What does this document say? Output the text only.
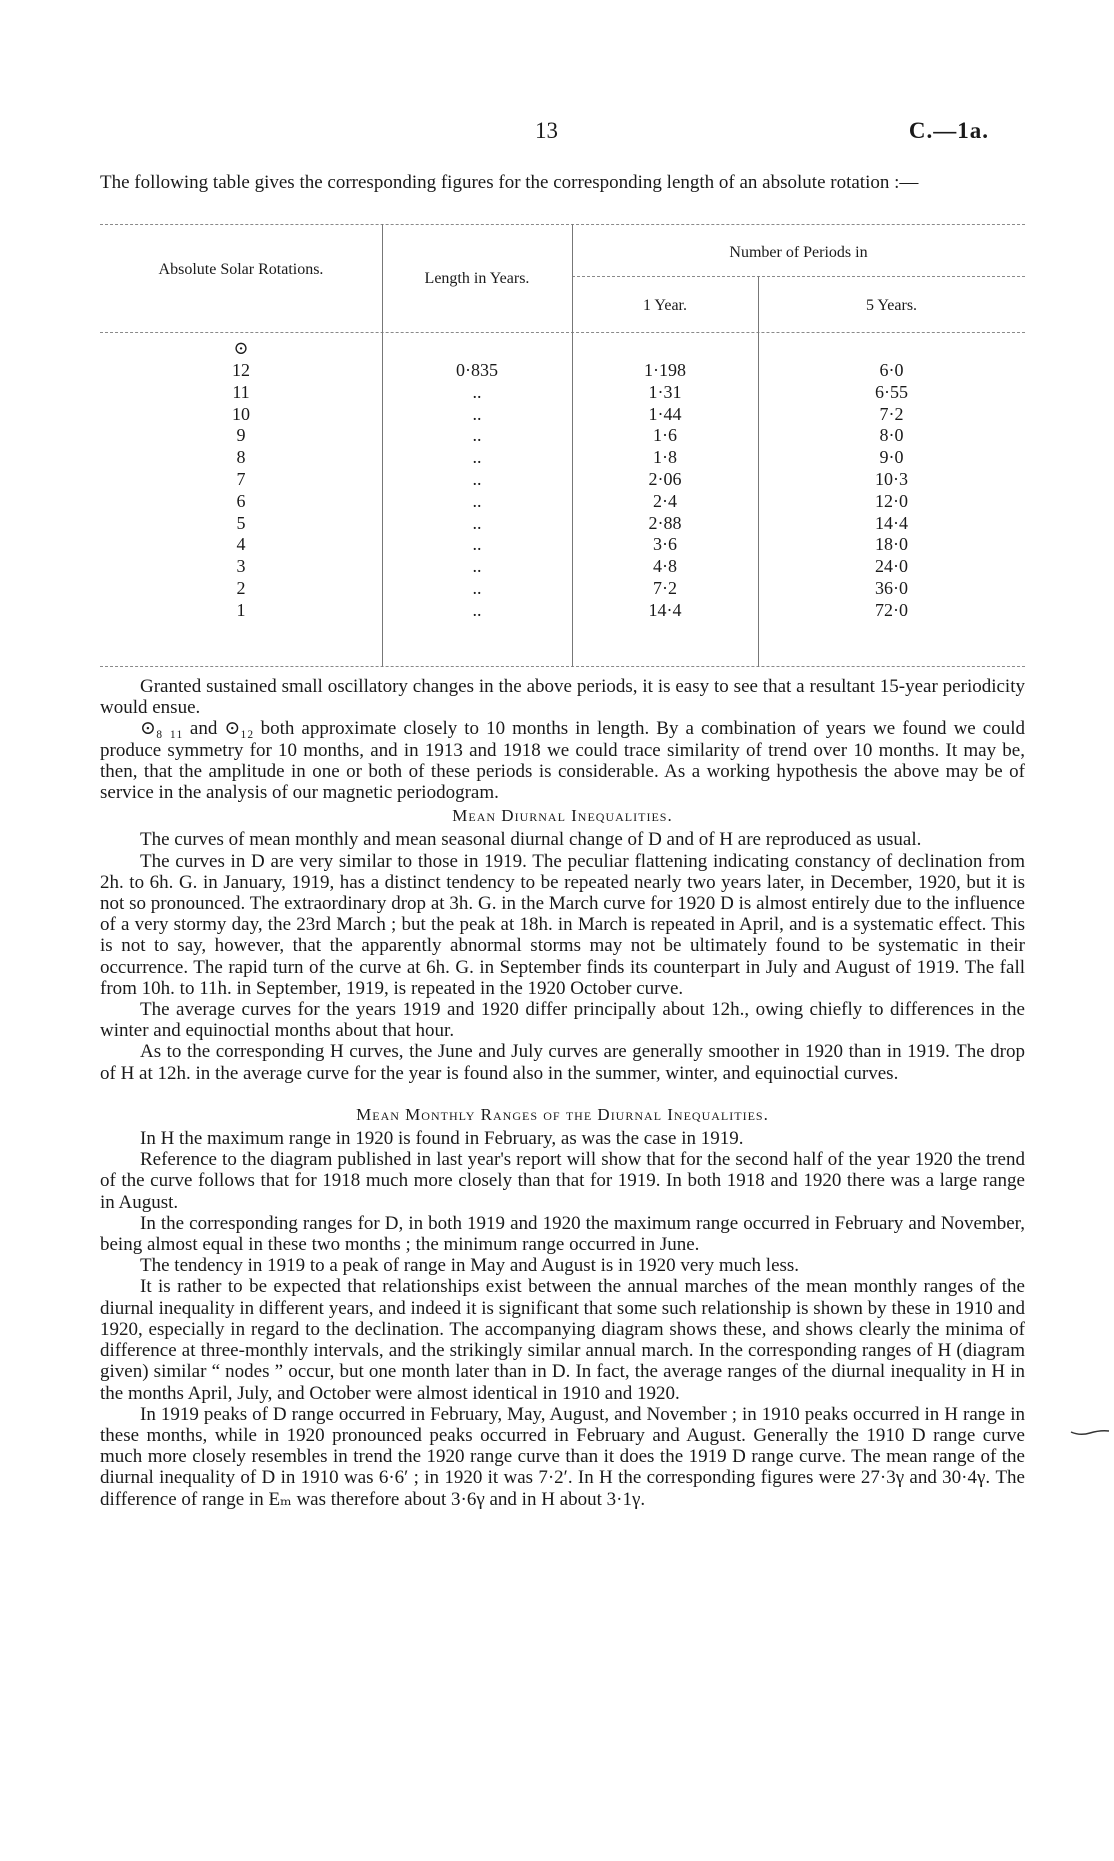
13	C.—1a.

The following table gives the corresponding figures for the corresponding length of an absolute rotation :—

Absolute Solar Rotations.
Length in Years.
Number of Periods in
1 Year.	5 Years.
⊙
12
11
10
9
8
7
6
5
4
3
2
1
0·835
..
..
..
..
..
..
..
..
..
..
..
1·198
1·31
1·44
1·6
1·8
2·06
2·4
2·88
3·6
4·8
7·2
14·4
6·0
6·55
7·2
8·0
9·0
10·3
12·0
14·4
18·0
24·0
36·0
72·0

Granted sustained small oscillatory changes in the above periods, it is easy to see that a resultant 15-year periodicity would ensue.

⊙₈ ₁₁ and ⊙₁₂ both approximate closely to 10 months in length. By a combination of years we found we could produce symmetry for 10 months, and in 1913 and 1918 we could trace similarity of trend over 10 months. It may be, then, that the amplitude in one or both of these periods is considerable. As a working hypothesis the above may be of service in the analysis of our magnetic periodogram.

Mean Diurnal Inequalities.

The curves of mean monthly and mean seasonal diurnal change of D and of H are reproduced as usual.

The curves in D are very similar to those in 1919. The peculiar flattening indicating constancy of declination from 2h. to 6h. G. in January, 1919, has a distinct tendency to be repeated nearly two years later, in December, 1920, but it is not so pronounced. The extraordinary drop at 3h. G. in the March curve for 1920 D is almost entirely due to the influence of a very stormy day, the 23rd March ; but the peak at 18h. in March is repeated in April, and is a systematic effect. This is not to say, however, that the apparently abnormal storms may not be ultimately found to be systematic in their occurrence. The rapid turn of the curve at 6h. G. in September finds its counterpart in July and August of 1919. The fall from 10h. to 11h. in September, 1919, is repeated in the 1920 October curve.

The average curves for the years 1919 and 1920 differ principally about 12h., owing chiefly to differences in the winter and equinoctial months about that hour.

As to the corresponding H curves, the June and July curves are generally smoother in 1920 than in 1919. The drop of H at 12h. in the average curve for the year is found also in the summer, winter, and equinoctial curves.

Mean Monthly Ranges of the Diurnal Inequalities.

In H the maximum range in 1920 is found in February, as was the case in 1919.

Reference to the diagram published in last year's report will show that for the second half of the year 1920 the trend of the curve follows that for 1918 much more closely than that for 1919. In both 1918 and 1920 there was a large range in August.

In the corresponding ranges for D, in both 1919 and 1920 the maximum range occurred in February and November, being almost equal in these two months ; the minimum range occurred in June.

The tendency in 1919 to a peak of range in May and August is in 1920 very much less.

It is rather to be expected that relationships exist between the annual marches of the mean monthly ranges of the diurnal inequality in different years, and indeed it is significant that some such relationship is shown by these in 1910 and 1920, especially in regard to the declination. The accompanying diagram shows these, and shows clearly the minima of difference at three-monthly intervals, and the strikingly similar annual march. In the corresponding ranges of H (diagram given) similar “ nodes ” occur, but one month later than in D. In fact, the average ranges of the diurnal inequality in H in the months April, July, and October were almost identical in 1910 and 1920.

In 1919 peaks of D range occurred in February, May, August, and November ; in 1910 peaks occurred in H range in these months, while in 1920 pronounced peaks occurred in February and August. Generally the 1910 D range curve much more closely resembles in trend the 1920 range curve than it does the 1919 D range curve. The mean range of the diurnal inequality of D in 1910 was 6·6′ ; in 1920 it was 7·2′. In H the corresponding figures were 27·3γ and 30·4γ. The difference of range in Eₘ was therefore about 3·6γ and in H about 3·1γ.
